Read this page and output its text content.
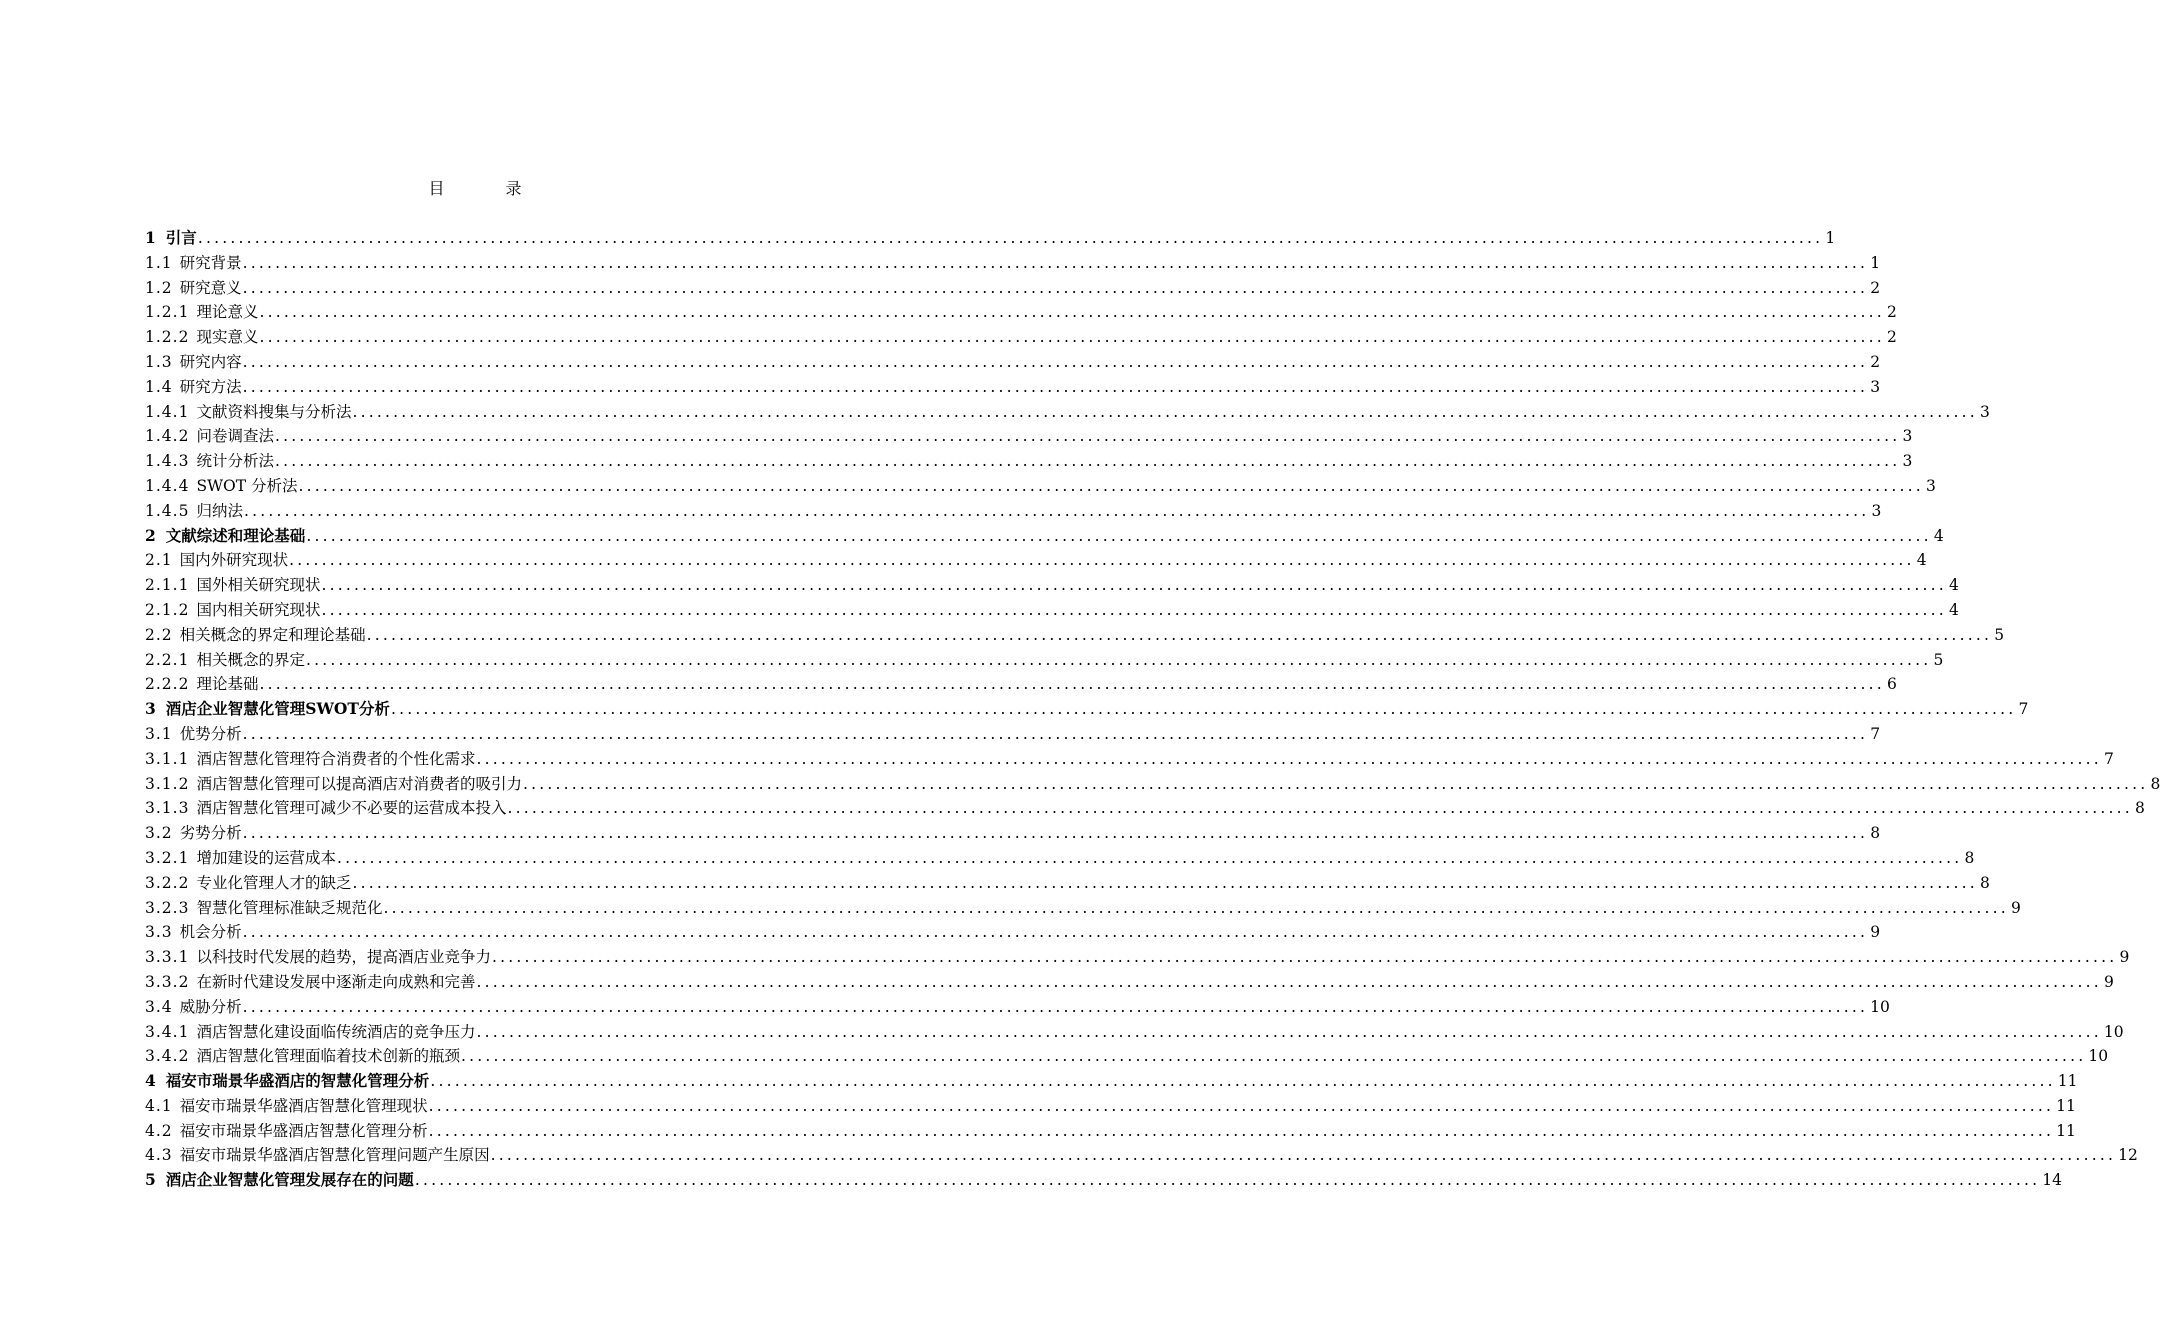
目 录
1 引言 ........................................................................................................................................................................................................ 1
1.1 研究背景 ........................................................................................................................................................................................................ 1
1.2 研究意义 ........................................................................................................................................................................................................ 2
1.2.1 理论意义 ........................................................................................................................................................................................................ 2
1.2.2 现实意义 ........................................................................................................................................................................................................ 2
1.3 研究内容 ........................................................................................................................................................................................................ 2
1.4 研究方法 ........................................................................................................................................................................................................ 3
1.4.1 文献资料搜集与分析法 ........................................................................................................................................................................................................ 3
1.4.2 问卷调查法 ........................................................................................................................................................................................................ 3
1.4.3 统计分析法 ........................................................................................................................................................................................................ 3
1.4.4 SWOT 分析法 ........................................................................................................................................................................................................ 3
1.4.5 归纳法 ........................................................................................................................................................................................................ 3
2 文献综述和理论基础 ........................................................................................................................................................................................................ 4
2.1 国内外研究现状 ........................................................................................................................................................................................................ 4
2.1.1 国外相关研究现状 ........................................................................................................................................................................................................ 4
2.1.2 国内相关研究现状 ........................................................................................................................................................................................................ 4
2.2 相关概念的界定和理论基础 ........................................................................................................................................................................................................ 5
2.2.1 相关概念的界定 ........................................................................................................................................................................................................ 5
2.2.2 理论基础 ........................................................................................................................................................................................................ 6
3 酒店企业智慧化管理SWOT分析 ........................................................................................................................................................................................................ 7
3.1 优势分析 ........................................................................................................................................................................................................ 7
3.1.1 酒店智慧化管理符合消费者的个性化需求 ........................................................................................................................................................................................................ 7
3.1.2 酒店智慧化管理可以提高酒店对消费者的吸引力 ........................................................................................................................................................................................................ 8
3.1.3 酒店智慧化管理可减少不必要的运营成本投入 ........................................................................................................................................................................................................ 8
3.2 劣势分析 ........................................................................................................................................................................................................ 8
3.2.1 增加建设的运营成本 ........................................................................................................................................................................................................ 8
3.2.2 专业化管理人才的缺乏 ........................................................................................................................................................................................................ 8
3.2.3 智慧化管理标准缺乏规范化 ........................................................................................................................................................................................................ 9
3.3 机会分析 ........................................................................................................................................................................................................ 9
3.3.1 以科技时代发展的趋势，提高酒店业竞争力 ........................................................................................................................................................................................................ 9
3.3.2 在新时代建设发展中逐渐走向成熟和完善 ........................................................................................................................................................................................................ 9
3.4 威胁分析 ........................................................................................................................................................................................................ 10
3.4.1 酒店智慧化建设面临传统酒店的竞争压力 ........................................................................................................................................................................................................ 10
3.4.2 酒店智慧化管理面临着技术创新的瓶颈 ........................................................................................................................................................................................................ 10
4 福安市瑞景华盛酒店的智慧化管理分析 ........................................................................................................................................................................................................ 11
4.1 福安市瑞景华盛酒店智慧化管理现状 ........................................................................................................................................................................................................ 11
4.2 福安市瑞景华盛酒店智慧化管理分析 ........................................................................................................................................................................................................ 11
4.3 福安市瑞景华盛酒店智慧化管理问题产生原因 ........................................................................................................................................................................................................ 12
5 酒店企业智慧化管理发展存在的问题 ........................................................................................................................................................................................................ 14
